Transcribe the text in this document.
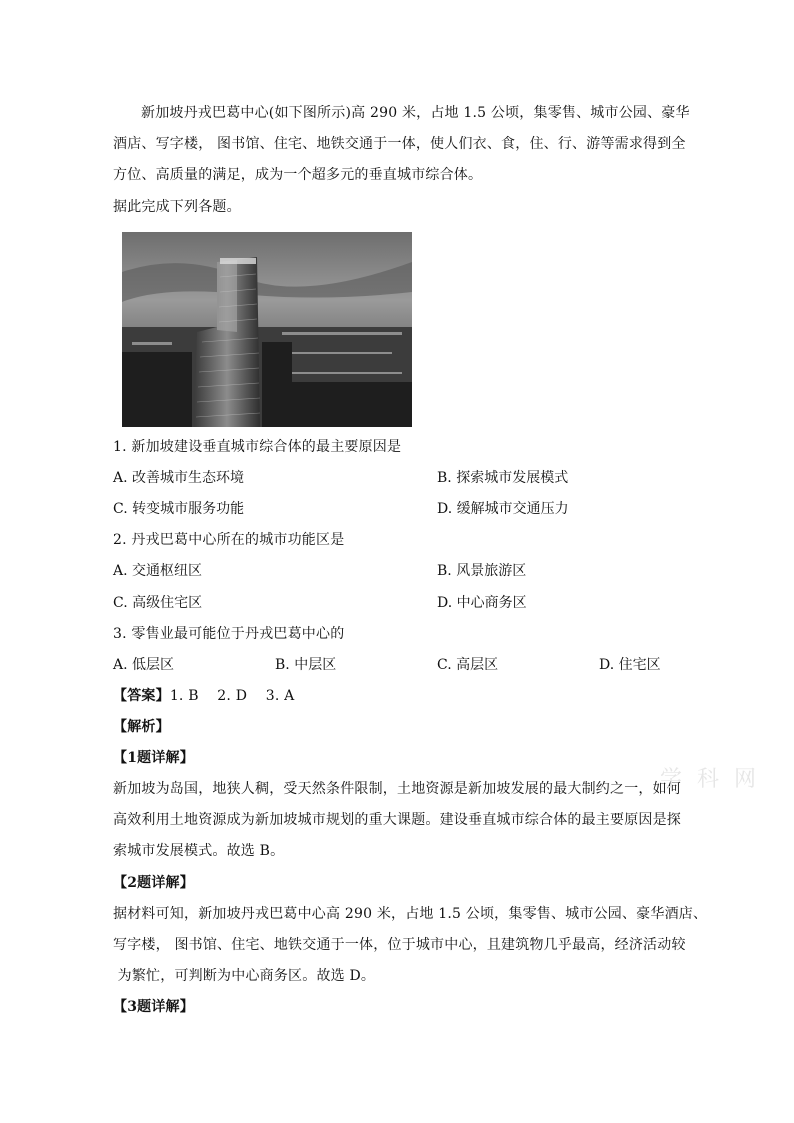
新加坡丹戎巴葛中心(如下图所示)高 290 米，占地 1.5 公顷，集零售、城市公园、豪华
酒店、写字楼， 图书馆、住宅、地铁交通于一体，使人们衣、食，住、行、游等需求得到全
方位、高质量的满足，成为一个超多元的垂直城市综合体。
据此完成下列各题。
1. 新加坡建设垂直城市综合体的最主要原因是
A. 改善城市生态环境	B. 探索城市发展模式
C. 转变城市服务功能	D. 缓解城市交通压力
2. 丹戎巴葛中心所在的城市功能区是
A. 交通枢纽区	B. 风景旅游区
C. 高级住宅区	D. 中心商务区
3. 零售业最可能位于丹戎巴葛中心的
A. 低层区	B. 中层区	C. 高层区	D. 住宅区
【答案】1. B    2. D    3. A
【解析】
【1题详解】
新加坡为岛国，地狭人稠，受天然条件限制，土地资源是新加坡发展的最大制约之一，如何
高效利用土地资源成为新加坡城市规划的重大课题。建设垂直城市综合体的最主要原因是探
索城市发展模式。故选 B。
【2题详解】
据材料可知，新加坡丹戎巴葛中心高 290 米，占地 1.5 公顷，集零售、城市公园、豪华酒店、
写字楼， 图书馆、住宅、地铁交通于一体，位于城市中心，且建筑物几乎最高，经济活动较
为繁忙，可判断为中心商务区。故选 D。
【3题详解】
学 科 网
